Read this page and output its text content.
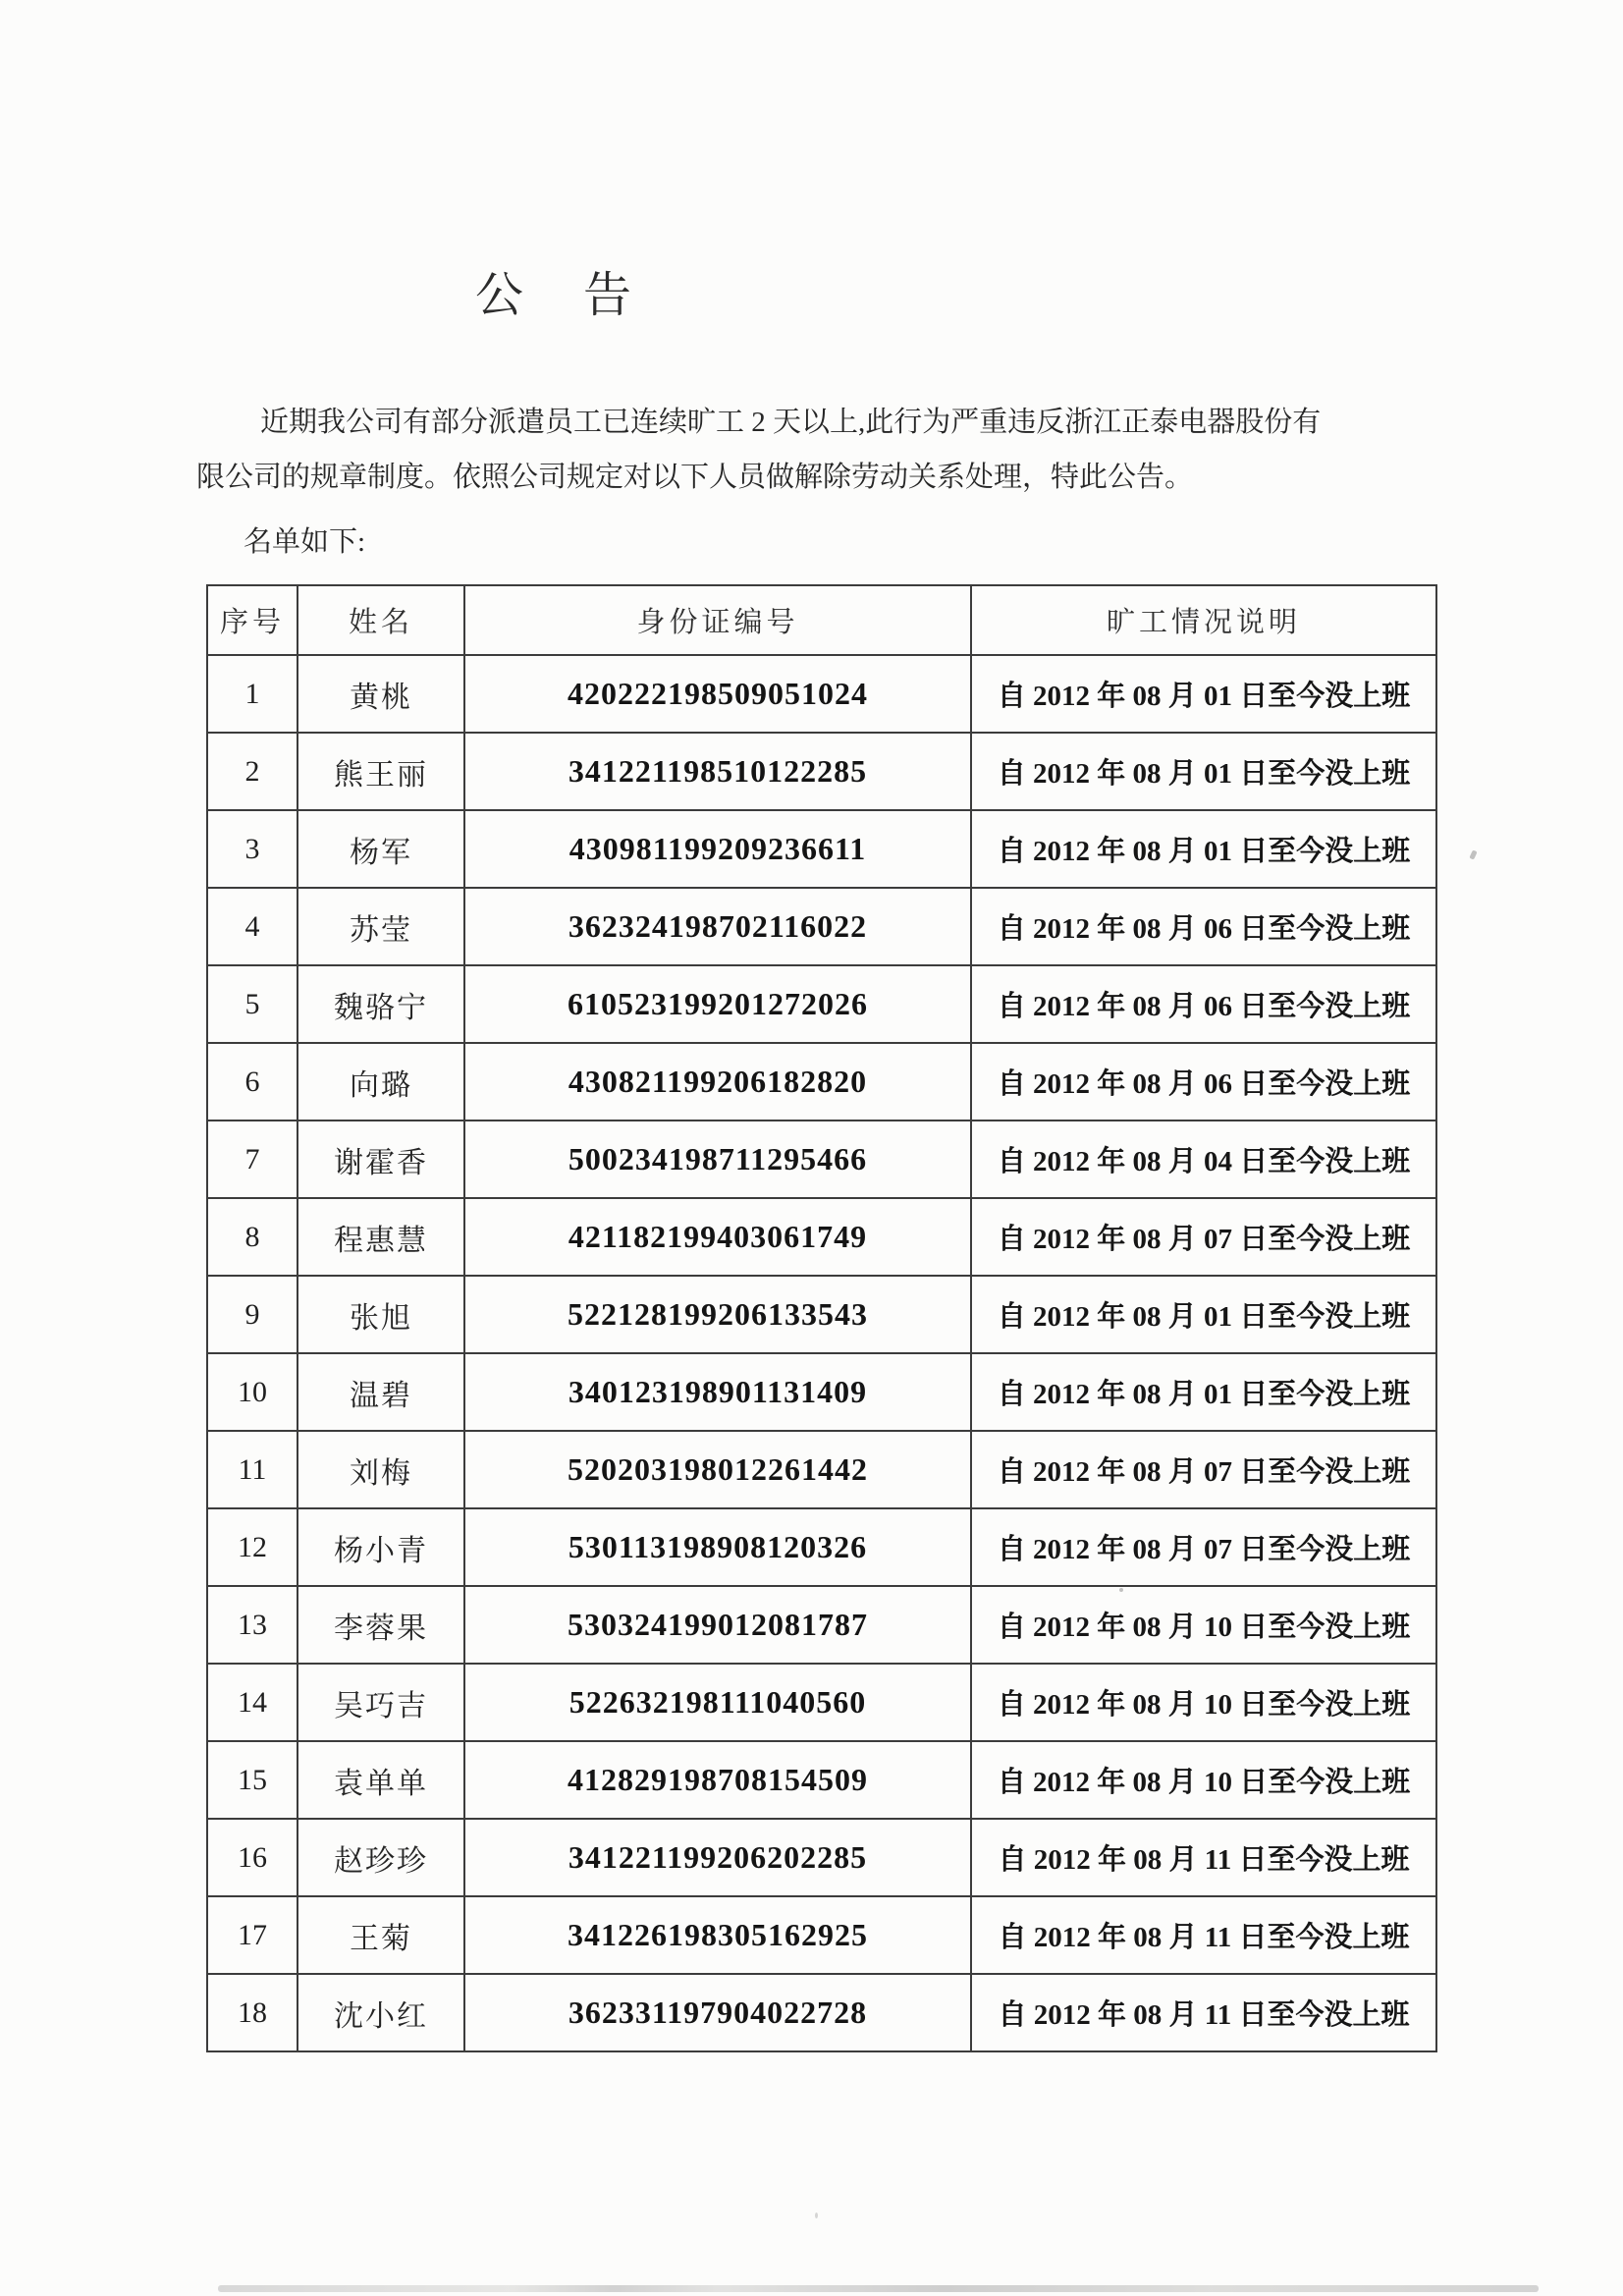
公　告
近期我公司有部分派遣员工已连续旷工 2 天以上,此行为严重违反浙江正泰电器股份有
限公司的规章制度。依照公司规定对以下人员做解除劳动关系处理，特此公告。
名单如下:
序号	姓名	身份证编号	旷工情况说明
1	黄桃	420222198509051024	自 2012 年 08 月 01 日至今没上班
2	熊王丽	341221198510122285	自 2012 年 08 月 01 日至今没上班
3	杨军	430981199209236611	自 2012 年 08 月 01 日至今没上班
4	苏莹	362324198702116022	自 2012 年 08 月 06 日至今没上班
5	魏骆宁	610523199201272026	自 2012 年 08 月 06 日至今没上班
6	向璐	430821199206182820	自 2012 年 08 月 06 日至今没上班
7	谢霍香	500234198711295466	自 2012 年 08 月 04 日至今没上班
8	程惠慧	421182199403061749	自 2012 年 08 月 07 日至今没上班
9	张旭	522128199206133543	自 2012 年 08 月 01 日至今没上班
10	温碧	340123198901131409	自 2012 年 08 月 01 日至今没上班
11	刘梅	520203198012261442	自 2012 年 08 月 07 日至今没上班
12	杨小青	530113198908120326	自 2012 年 08 月 07 日至今没上班
13	李蓉果	530324199012081787	自 2012 年 08 月 10 日至今没上班
14	吴巧吉	522632198111040560	自 2012 年 08 月 10 日至今没上班
15	袁单单	412829198708154509	自 2012 年 08 月 10 日至今没上班
16	赵珍珍	341221199206202285	自 2012 年 08 月 11 日至今没上班
17	王菊	341226198305162925	自 2012 年 08 月 11 日至今没上班
18	沈小红	362331197904022728	自 2012 年 08 月 11 日至今没上班
